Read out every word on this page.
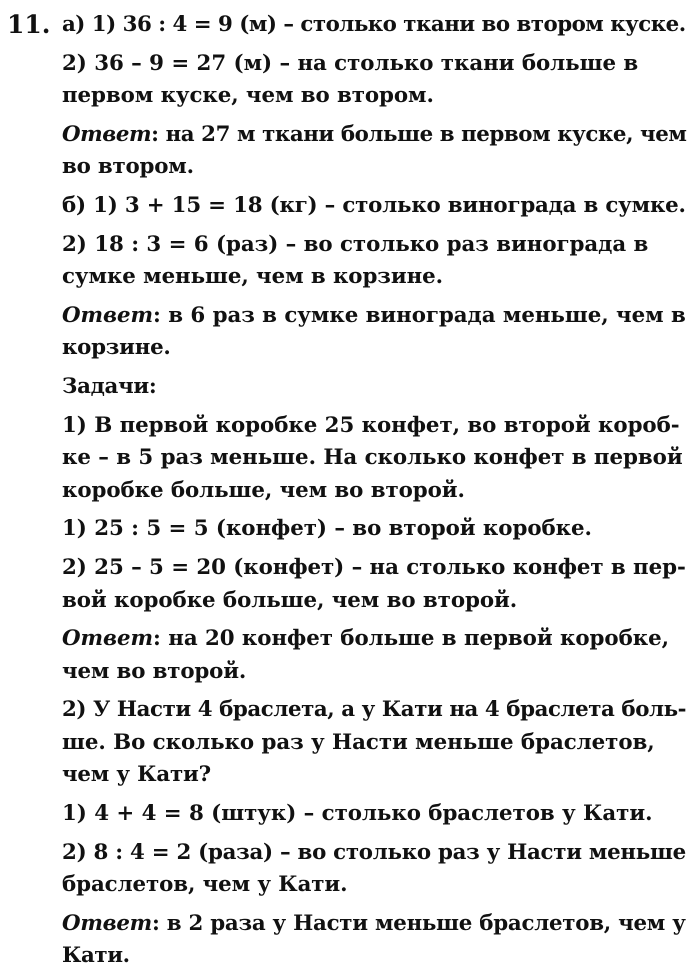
11. а) 1) 36 : 4 = 9 (м) – столько ткани во втором куске.
2) 36 – 9 = 27 (м) – на столько ткани больше в
первом куске, чем во втором.
Ответ: на 27 м ткани больше в первом куске, чем
во втором.
б) 1) 3 + 15 = 18 (кг) – столько винограда в сумке.
2) 18 : 3 = 6 (раз) – во столько раз винограда в
сумке меньше, чем в корзине.
Ответ: в 6 раз в сумке винограда меньше, чем в
корзине.
Задачи:
1) В первой коробке 25 конфет, во второй короб-
ке – в 5 раз меньше. На сколько конфет в первой
коробке больше, чем во второй.
1) 25 : 5 = 5 (конфет) – во второй коробке.
2) 25 – 5 = 20 (конфет) – на столько конфет в пер-
вой коробке больше, чем во второй.
Ответ: на 20 конфет больше в первой коробке,
чем во второй.
2) У Насти 4 браслета, а у Кати на 4 браслета боль-
ше. Во сколько раз у Насти меньше браслетов,
чем у Кати?
1) 4 + 4 = 8 (штук) – столько браслетов у Кати.
2) 8 : 4 = 2 (раза) – во столько раз у Насти меньше
браслетов, чем у Кати.
Ответ: в 2 раза у Насти меньше браслетов, чем у
Кати.
